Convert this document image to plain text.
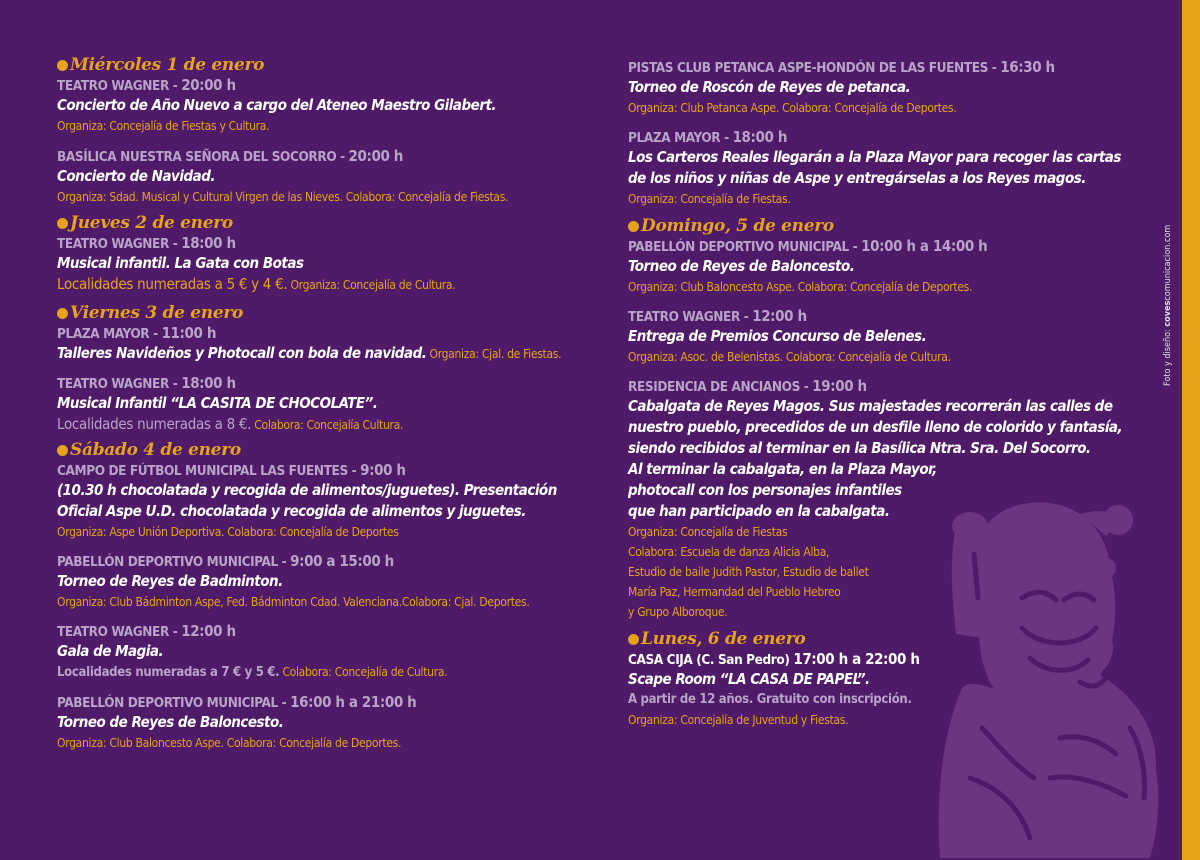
Foto y diseño: covescomunicacion.com
Miércoles 1 de enero
TEATRO WAGNER - 20:00 h
Concierto de Año Nuevo a cargo del Ateneo Maestro Gilabert.
Organiza: Concejalía de Fiestas y Cultura.
BASÍLICA NUESTRA SEÑORA DEL SOCORRO - 20:00 h
Concierto de Navidad.
Organiza: Sdad. Musical y Cultural Virgen de las Nieves. Colabora: Concejalía de Fiestas.
Jueves 2 de enero
TEATRO WAGNER - 18:00 h
Musical infantil. La Gata con Botas
Localidades numeradas a 5 € y 4 €. Organiza: Concejalía de Cultura.
Viernes 3 de enero
PLAZA MAYOR - 11:00 h
Talleres Navideños y Photocall con bola de navidad. Organiza: Cjal. de Fiestas.
TEATRO WAGNER - 18:00 h
Musical Infantil “LA CASITA DE CHOCOLATE”.
Localidades numeradas a 8 €. Colabora: Concejalía Cultura.
Sábado 4 de enero
CAMPO DE FÚTBOL MUNICIPAL LAS FUENTES - 9:00 h
(10.30 h chocolatada y recogida de alimentos/juguetes). Presentación Oficial Aspe U.D. chocolatada y recogida de alimentos y juguetes.
Organiza: Aspe Unión Deportiva. Colabora: Concejalía de Deportes
PABELLÓN DEPORTIVO MUNICIPAL - 9:00 a 15:00 h
Torneo de Reyes de Badminton.
Organiza: Club Bádminton Aspe, Fed. Bádminton Cdad. Valenciana.Colabora: Cjal. Deportes.
TEATRO WAGNER - 12:00 h
Gala de Magia.
Localidades numeradas a 7 € y 5 €. Colabora: Concejalía de Cultura.
PABELLÓN DEPORTIVO MUNICIPAL - 16:00 h a 21:00 h
Torneo de Reyes de Baloncesto.
Organiza: Club Baloncesto Aspe. Colabora: Concejalía de Deportes.
PISTAS CLUB PETANCA ASPE-HONDÓN DE LAS FUENTES - 16:30 h
Torneo de Roscón de Reyes de petanca.
Organiza: Club Petanca Aspe. Colabora: Concejalía de Deportes.
PLAZA MAYOR - 18:00 h
Los Carteros Reales llegarán a la Plaza Mayor para recoger las cartas
de los niños y niñas de Aspe y entregárselas a los Reyes magos.
Organiza: Concejalía de Fiestas.
Domingo, 5 de enero
PABELLÓN DEPORTIVO MUNICIPAL - 10:00 h a 14:00 h
Torneo de Reyes de Baloncesto.
Organiza: Club Baloncesto Aspe. Colabora: Concejalía de Deportes.
TEATRO WAGNER - 12:00 h
Entrega de Premios Concurso de Belenes.
Organiza: Asoc. de Belenistas. Colabora: Concejalía de Cultura.
RESIDENCIA DE ANCIANOS - 19:00 h
Cabalgata de Reyes Magos. Sus majestades recorrerán las calles de
nuestro pueblo, precedidos de un desfile lleno de colorido y fantasía,
siendo recibidos al terminar en la Basílica Ntra. Sra. Del Socorro.
Al terminar la cabalgata, en la Plaza Mayor,
photocall con los personajes infantiles
que han participado en la cabalgata.
Organiza: Concejalía de Fiestas
Colabora: Escuela de danza Alicia Alba,
Estudio de baile Judith Pastor, Estudio de ballet
María Paz, Hermandad del Pueblo Hebreo
y Grupo Alboroque.
Lunes, 6 de enero
CASA CIJA (C. San Pedro) 17:00 h a 22:00 h
Scape Room “LA CASA DE PAPEL”.
A partir de 12 años. Gratuito con inscripción.
Organiza: Concejalía de Juventud y Fiestas.
